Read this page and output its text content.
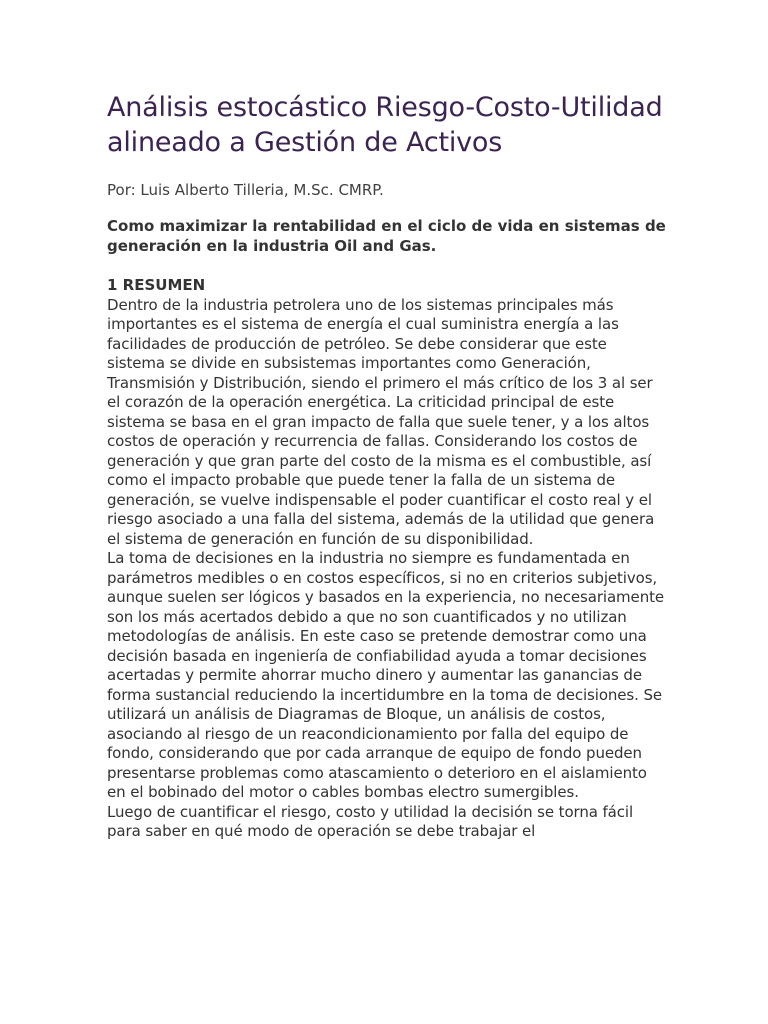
Análisis estocástico Riesgo-Costo-Utilidad alineado a Gestión de Activos

Por: Luis Alberto Tilleria, M.Sc. CMRP.

Como maximizar la rentabilidad en el ciclo de vida en sistemas de generación en la industria Oil and Gas.

1 RESUMEN

Dentro de la industria petrolera uno de los sistemas principales más importantes es el sistema de energía el cual suministra energía a las facilidades de producción de petróleo. Se debe considerar que este sistema se divide en subsistemas importantes como Generación, Transmisión y Distribución, siendo el primero el más crítico de los 3 al ser el corazón de la operación energética. La criticidad principal de este sistema se basa en el gran impacto de falla que suele tener, y a los altos costos de operación y recurrencia de fallas. Considerando los costos de generación y que gran parte del costo de la misma es el combustible, así como el impacto probable que puede tener la falla de un sistema de generación, se vuelve indispensable el poder cuantificar el costo real y el riesgo asociado a una falla del sistema, además de la utilidad que genera el sistema de generación en función de su disponibilidad.

La toma de decisiones en la industria no siempre es fundamentada en parámetros medibles o en costos específicos, si no en criterios subjetivos, aunque suelen ser lógicos y basados en la experiencia, no necesariamente son los más acertados debido a que no son cuantificados y no utilizan metodologías de análisis. En este caso se pretende demostrar como una decisión basada en ingeniería de confiabilidad ayuda a tomar decisiones acertadas y permite ahorrar mucho dinero y aumentar las ganancias de forma sustancial reduciendo la incertidumbre en la toma de decisiones. Se utilizará un análisis de Diagramas de Bloque, un análisis de costos, asociando al riesgo de un reacondicionamiento por falla del equipo de fondo, considerando que por cada arranque de equipo de fondo pueden presentarse problemas como atascamiento o deterioro en el aislamiento en el bobinado del motor o cables bombas electro sumergibles.

Luego de cuantificar el riesgo, costo y utilidad la decisión se torna fácil para saber en qué modo de operación se debe trabajar el
